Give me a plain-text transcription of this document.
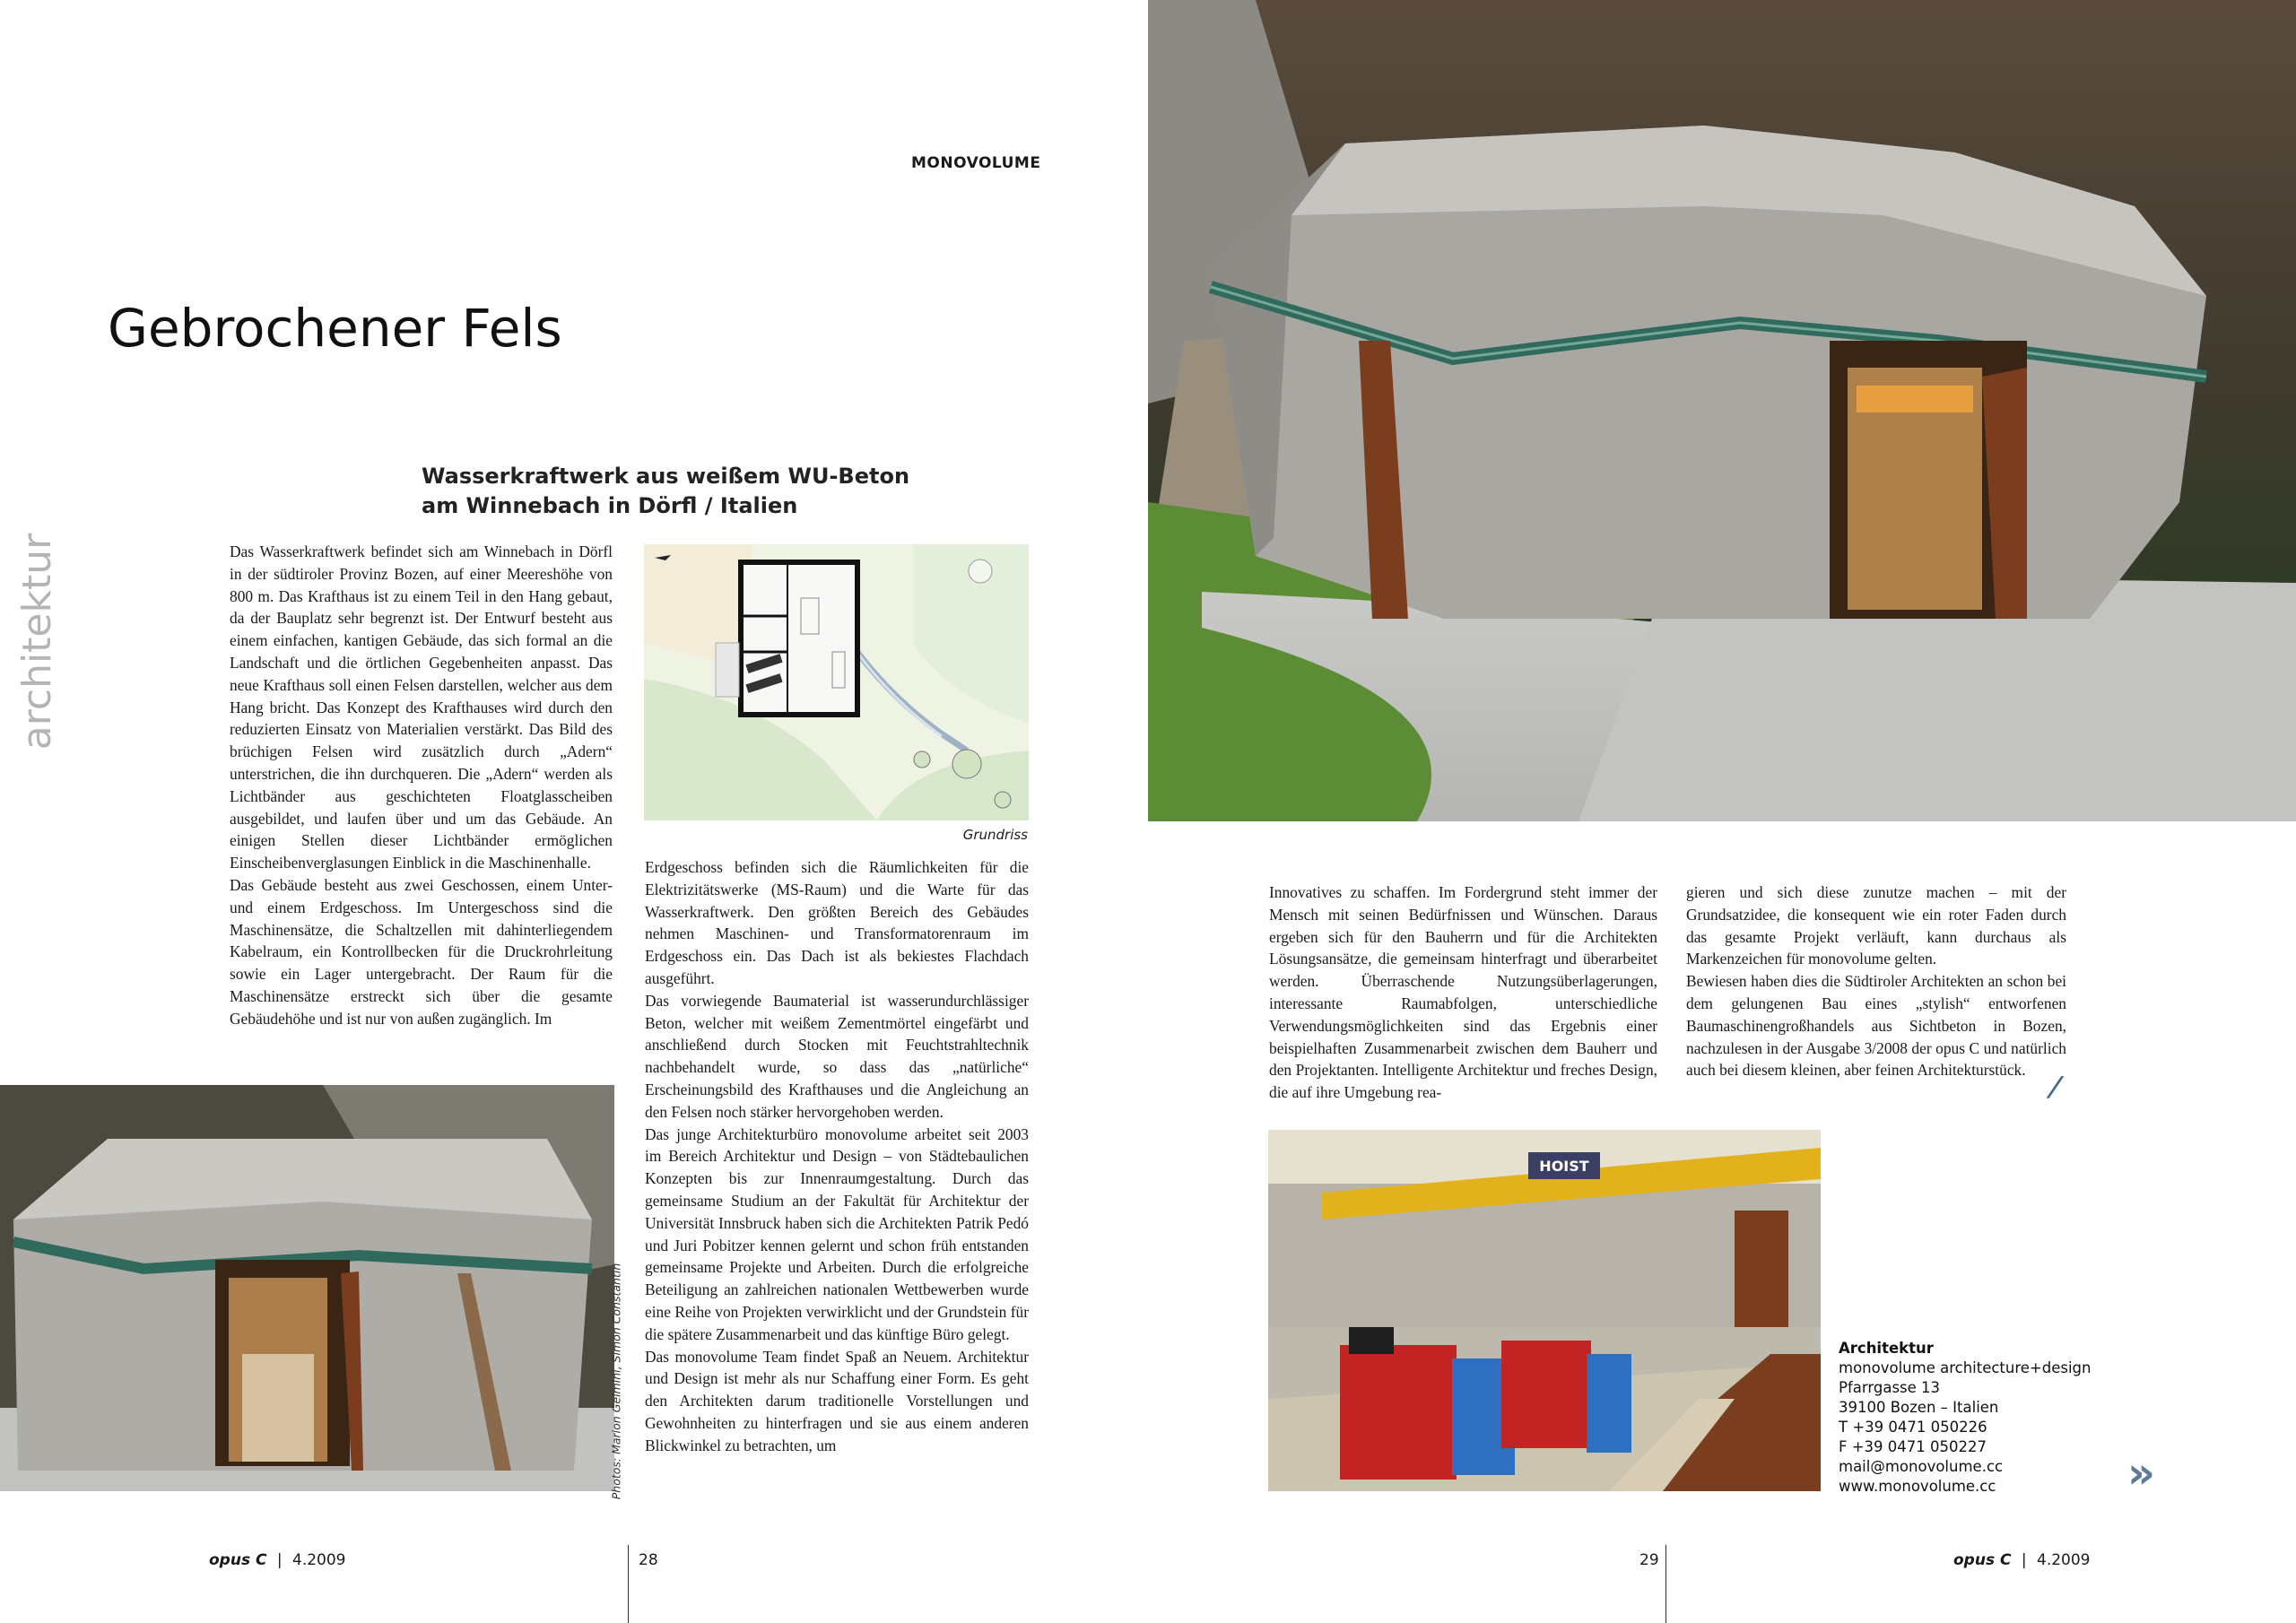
MONOVOLUME
Gebrochener Fels
Wasserkraftwerk aus weißem WU-Beton
am Winnebach in Dörfl / Italien
architektur	Das Wasserkraftwerk befindet sich am Winnebach in Dörfl in der südtiroler Provinz Bozen, auf einer Meereshöhe von 800 m. Das Krafthaus ist zu einem Teil in den Hang gebaut, da der Bauplatz sehr begrenzt ist. Der Entwurf besteht aus einem einfachen, kantigen Gebäude, das sich formal an die Landschaft und die örtlichen Gegebenheiten anpasst. Das neue Krafthaus soll einen Felsen darstellen, welcher aus dem Hang bricht. Das Konzept des Krafthauses wird durch den reduzierten Einsatz von Materialien verstärkt. Das Bild des brüchigen Felsen wird zusätzlich durch „Adern“ unterstrichen, die ihn durchqueren. Die „Adern“ werden als Lichtbänder aus geschichteten Floatglasscheiben ausgebildet, und laufen über und um das Gebäude. An einigen Stellen dieser Lichtbänder ermöglichen Einscheibenverglasungen Einblick in die Maschinenhalle.

Das Gebäude besteht aus zwei Geschossen, einem Unter- und einem Erdgeschoss. Im Untergeschoss sind die Maschinensätze, die Schaltzellen mit dahinterliegendem Kabelraum, ein Kontrollbecken für die Druckrohrleitung sowie ein Lager untergebracht. Der Raum für die Maschinensätze erstreckt sich über die gesamte Gebäudehöhe und ist nur von außen zugänglich. Im

Erdgeschoss befinden sich die Räumlichkeiten für die Elektrizitätswerke (MS-Raum) und die Warte für das Wasserkraftwerk. Den größten Bereich des Gebäudes nehmen Maschinen- und Transformatorenraum im Erdgeschoss ein. Das Dach ist als bekiestes Flachdach ausgeführt.

Das vorwiegende Baumaterial ist wasserundurchlässiger Beton, welcher mit weißem Zementmörtel eingefärbt und anschließend durch Stocken mit Feuchtstrahltechnik nachbehandelt wurde, so dass das „natürliche“ Erscheinungsbild des Krafthauses und die Angleichung an den Felsen noch stärker hervorgehoben werden.

Das junge Architekturbüro monovolume arbeitet seit 2003 im Bereich Architektur und Design – von Städtebaulichen Konzepten bis zur Innenraumgestaltung. Durch das gemeinsame Studium an der Fakultät für Architektur der Universität Innsbruck haben sich die Architekten Patrik Pedó und Juri Pobitzer kennen gelernt und schon früh entstanden gemeinsame Projekte und Arbeiten. Durch die erfolgreiche Beteiligung an zahlreichen nationalen Wettbewerben wurde eine Reihe von Projekten verwirklicht und der Grundstein für die spätere Zusammenarbeit und das künftige Büro gelegt.

Das monovolume Team findet Spaß an Neuem. Architektur und Design ist mehr als nur Schaffung einer Form. Es geht den Architekten darum traditionelle Vorstellungen und Gewohnheiten zu hinterfragen und sie aus einem anderen Blickwinkel zu betrachten, um

Innovatives zu schaffen. Im Fordergrund steht immer der Mensch mit seinen Bedürfnissen und Wünschen. Daraus ergeben sich für den Bauherrn und für die Architekten Lösungsansätze, die gemeinsam hinterfragt und überarbeitet werden. Überraschende Nutzungsüberlagerungen, interessante Raumabfolgen, unterschiedliche Verwendungsmöglichkeiten sind das Ergebnis einer beispielhaften Zusammenarbeit zwischen dem Bauherr und den Projektanten. Intelligente Architektur und freches Design, die auf ihre Umgebung rea-

gieren und sich diese zunutze machen – mit der Grundsatzidee, die konsequent wie ein roter Faden durch das gesamte Projekt verläuft, kann durchaus als Markenzeichen für monovolume gelten.

Bewiesen haben dies die Südtiroler Architekten an schon bei dem gelungenen Bau eines „stylish“ entworfenen Baumaschinengroßhandels aus Sichtbeton in Bozen, nachzulesen in der Ausgabe 3/2008 der opus C und natürlich auch bei diesem kleinen, aber feinen Architekturstück.

/
Grundriss
Photos: Marion Gelmini, Simon Constantin
HOIST
Architektur
monovolume architecture+design
Pfarrgasse 13
39100 Bozen – Italien
T +39 0471 050226
F +39 0471 050227
mail@monovolume.cc
www.monovolume.cc	»
opus C | 4.2009	28	29	opus C | 4.2009
